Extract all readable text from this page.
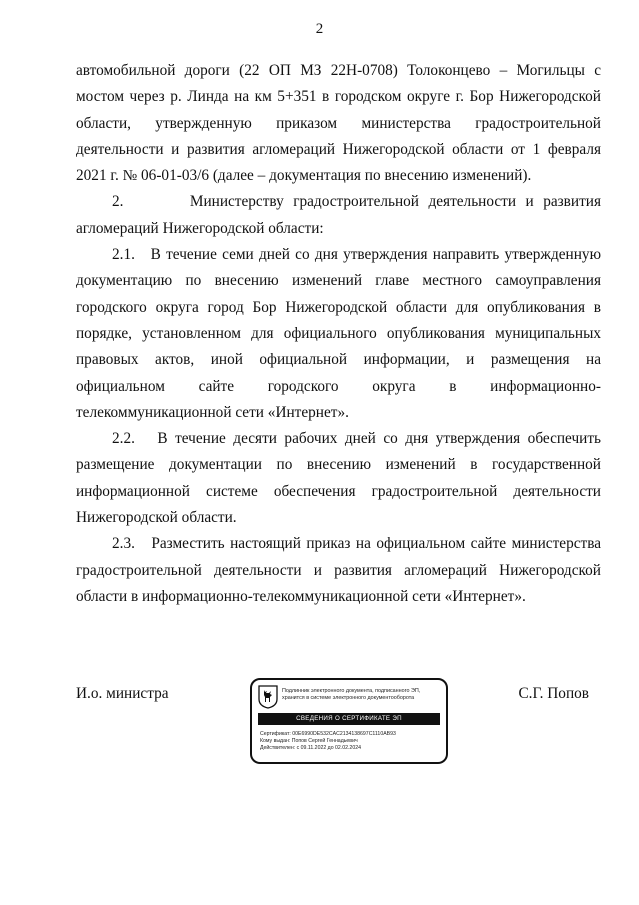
2

автомобильной дороги (22 ОП МЗ 22Н-0708) Толоконцево – Могильцы с мостом через р. Линда на км 5+351 в городском округе г. Бор Нижегородской области, утвержденную приказом министерства градостроительной деятельности и развития агломераций Нижегородской области от 1 февраля 2021 г. № 06-01-03/6 (далее – документация по внесению изменений).

2.       Министерству градостроительной деятельности и развития агломераций Нижегородской области:

2.1.   В течение семи дней со дня утверждения направить утвержденную документацию по внесению изменений главе местного самоуправления городского округа город Бор Нижегородской области для опубликования в порядке, установленном для официального опубликования муниципальных правовых актов, иной официальной информации, и размещения на официальном сайте городского округа в информационно-телекоммуникационной сети «Интернет».

2.2.   В течение десяти рабочих дней со дня утверждения обеспечить размещение документации по внесению изменений в государственной информационной системе обеспечения градостроительной деятельности Нижегородской области.

2.3.   Разместить настоящий приказ на официальном сайте министерства градостроительной деятельности и развития агломераций Нижегородской области в информационно-телекоммуникационной сети «Интернет».

И.о. министра	Подлинник электронного документа, подписанного ЭП,
хранится в системе электронного документооборота
СВЕДЕНИЯ О СЕРТИФИКАТЕ ЭП
Сертификат: 00E6990DE532CAC2134138697C1110AB93
Кому выдан: Попов Сергей Геннадьевич
Действителен: с 09.11.2022 до 02.02.2024
С.Г. Попов
